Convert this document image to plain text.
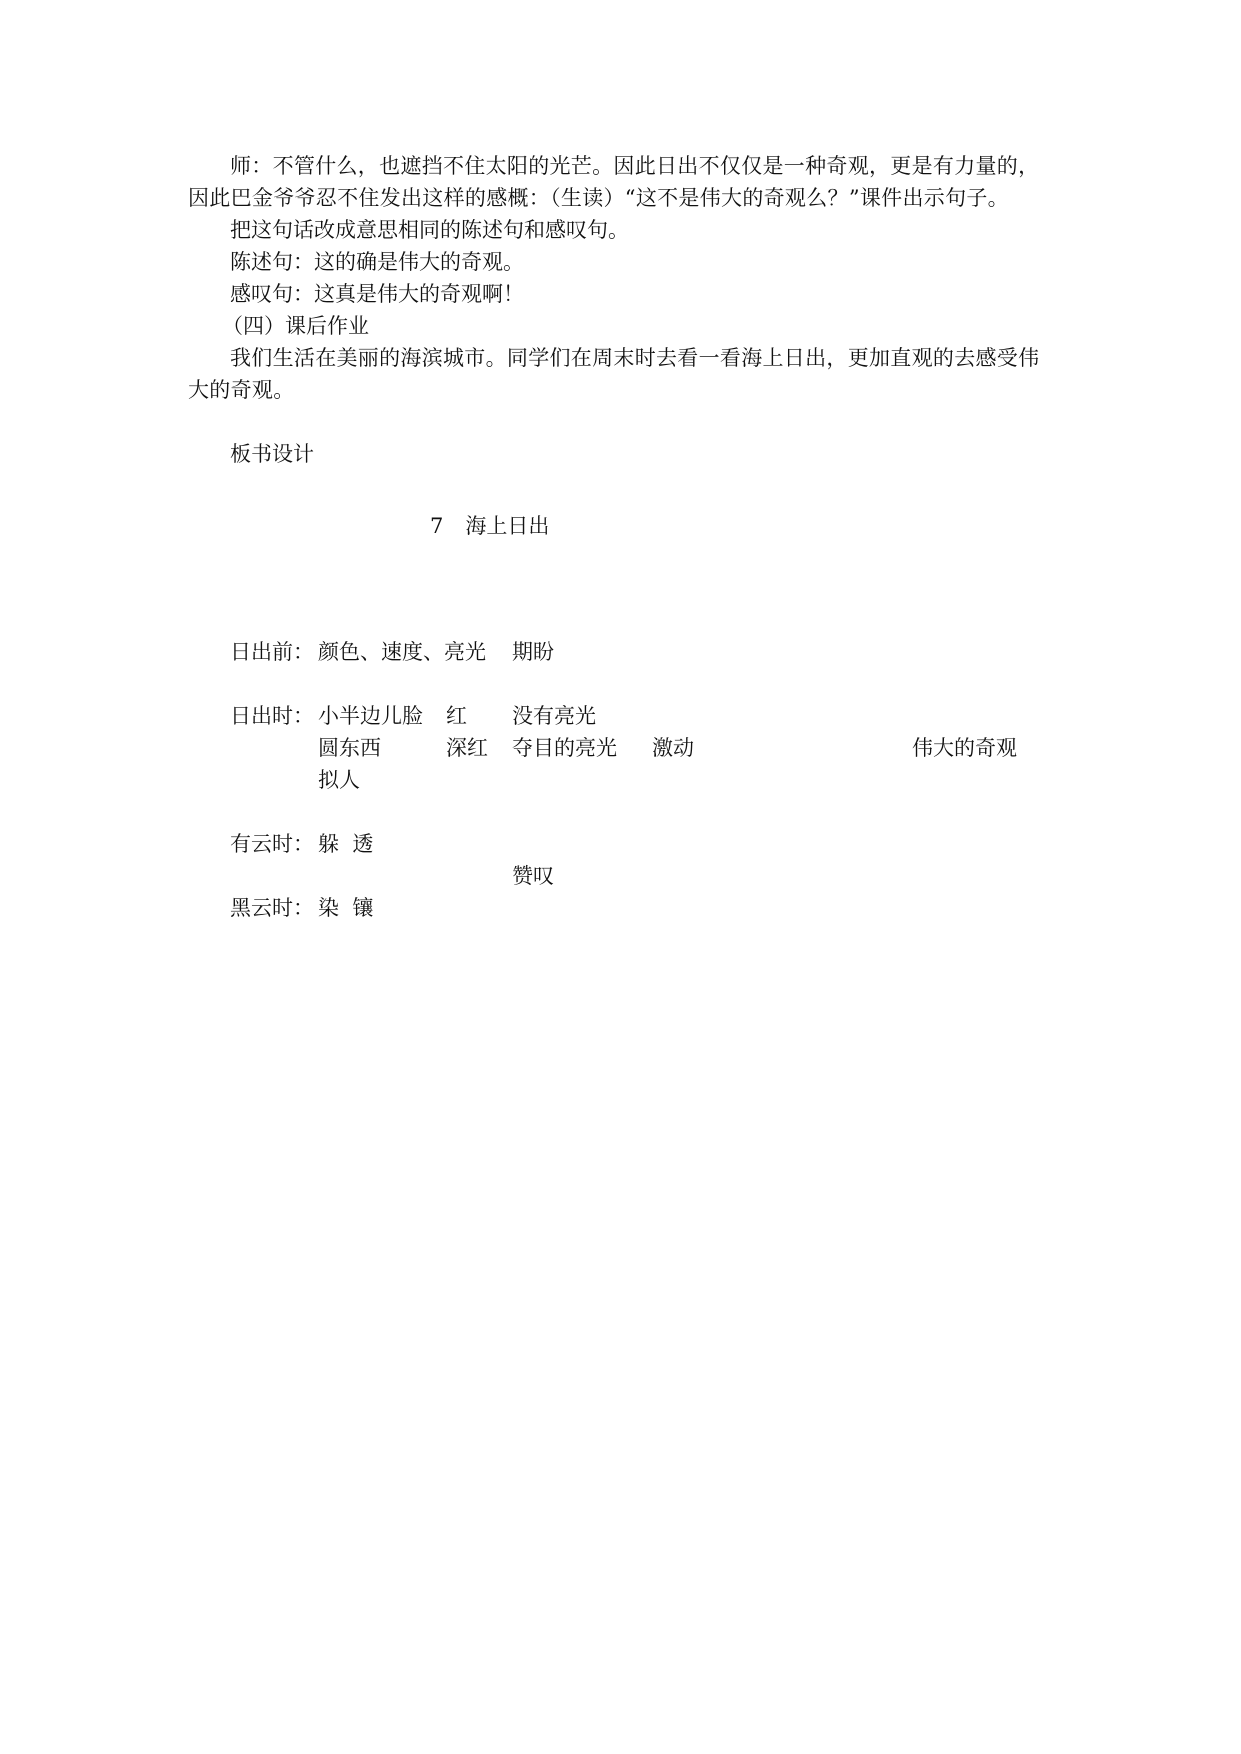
师：不管什么，也遮挡不住太阳的光芒。因此日出不仅仅是一种奇观，更是有力量的，因此巴金爷爷忍不住发出这样的感概：（生读）“这不是伟大的奇观么？”课件出示句子。
把这句话改成意思相同的陈述句和感叹句。
陈述句：这的确是伟大的奇观。
感叹句：这真是伟大的奇观啊！
（四）课后作业
我们生活在美丽的海滨城市。同学们在周末时去看一看海上日出，更加直观的去感受伟大的奇观。
板书设计
7 海上日出
日出前： 颜色、速度、亮光 期盼
日出时： 小半边儿脸 红 没有亮光
圆东西	深红 夺目的亮光 激动	伟大的奇观
拟人
有云时： 躲  透
赞叹
黑云时： 染  镶
